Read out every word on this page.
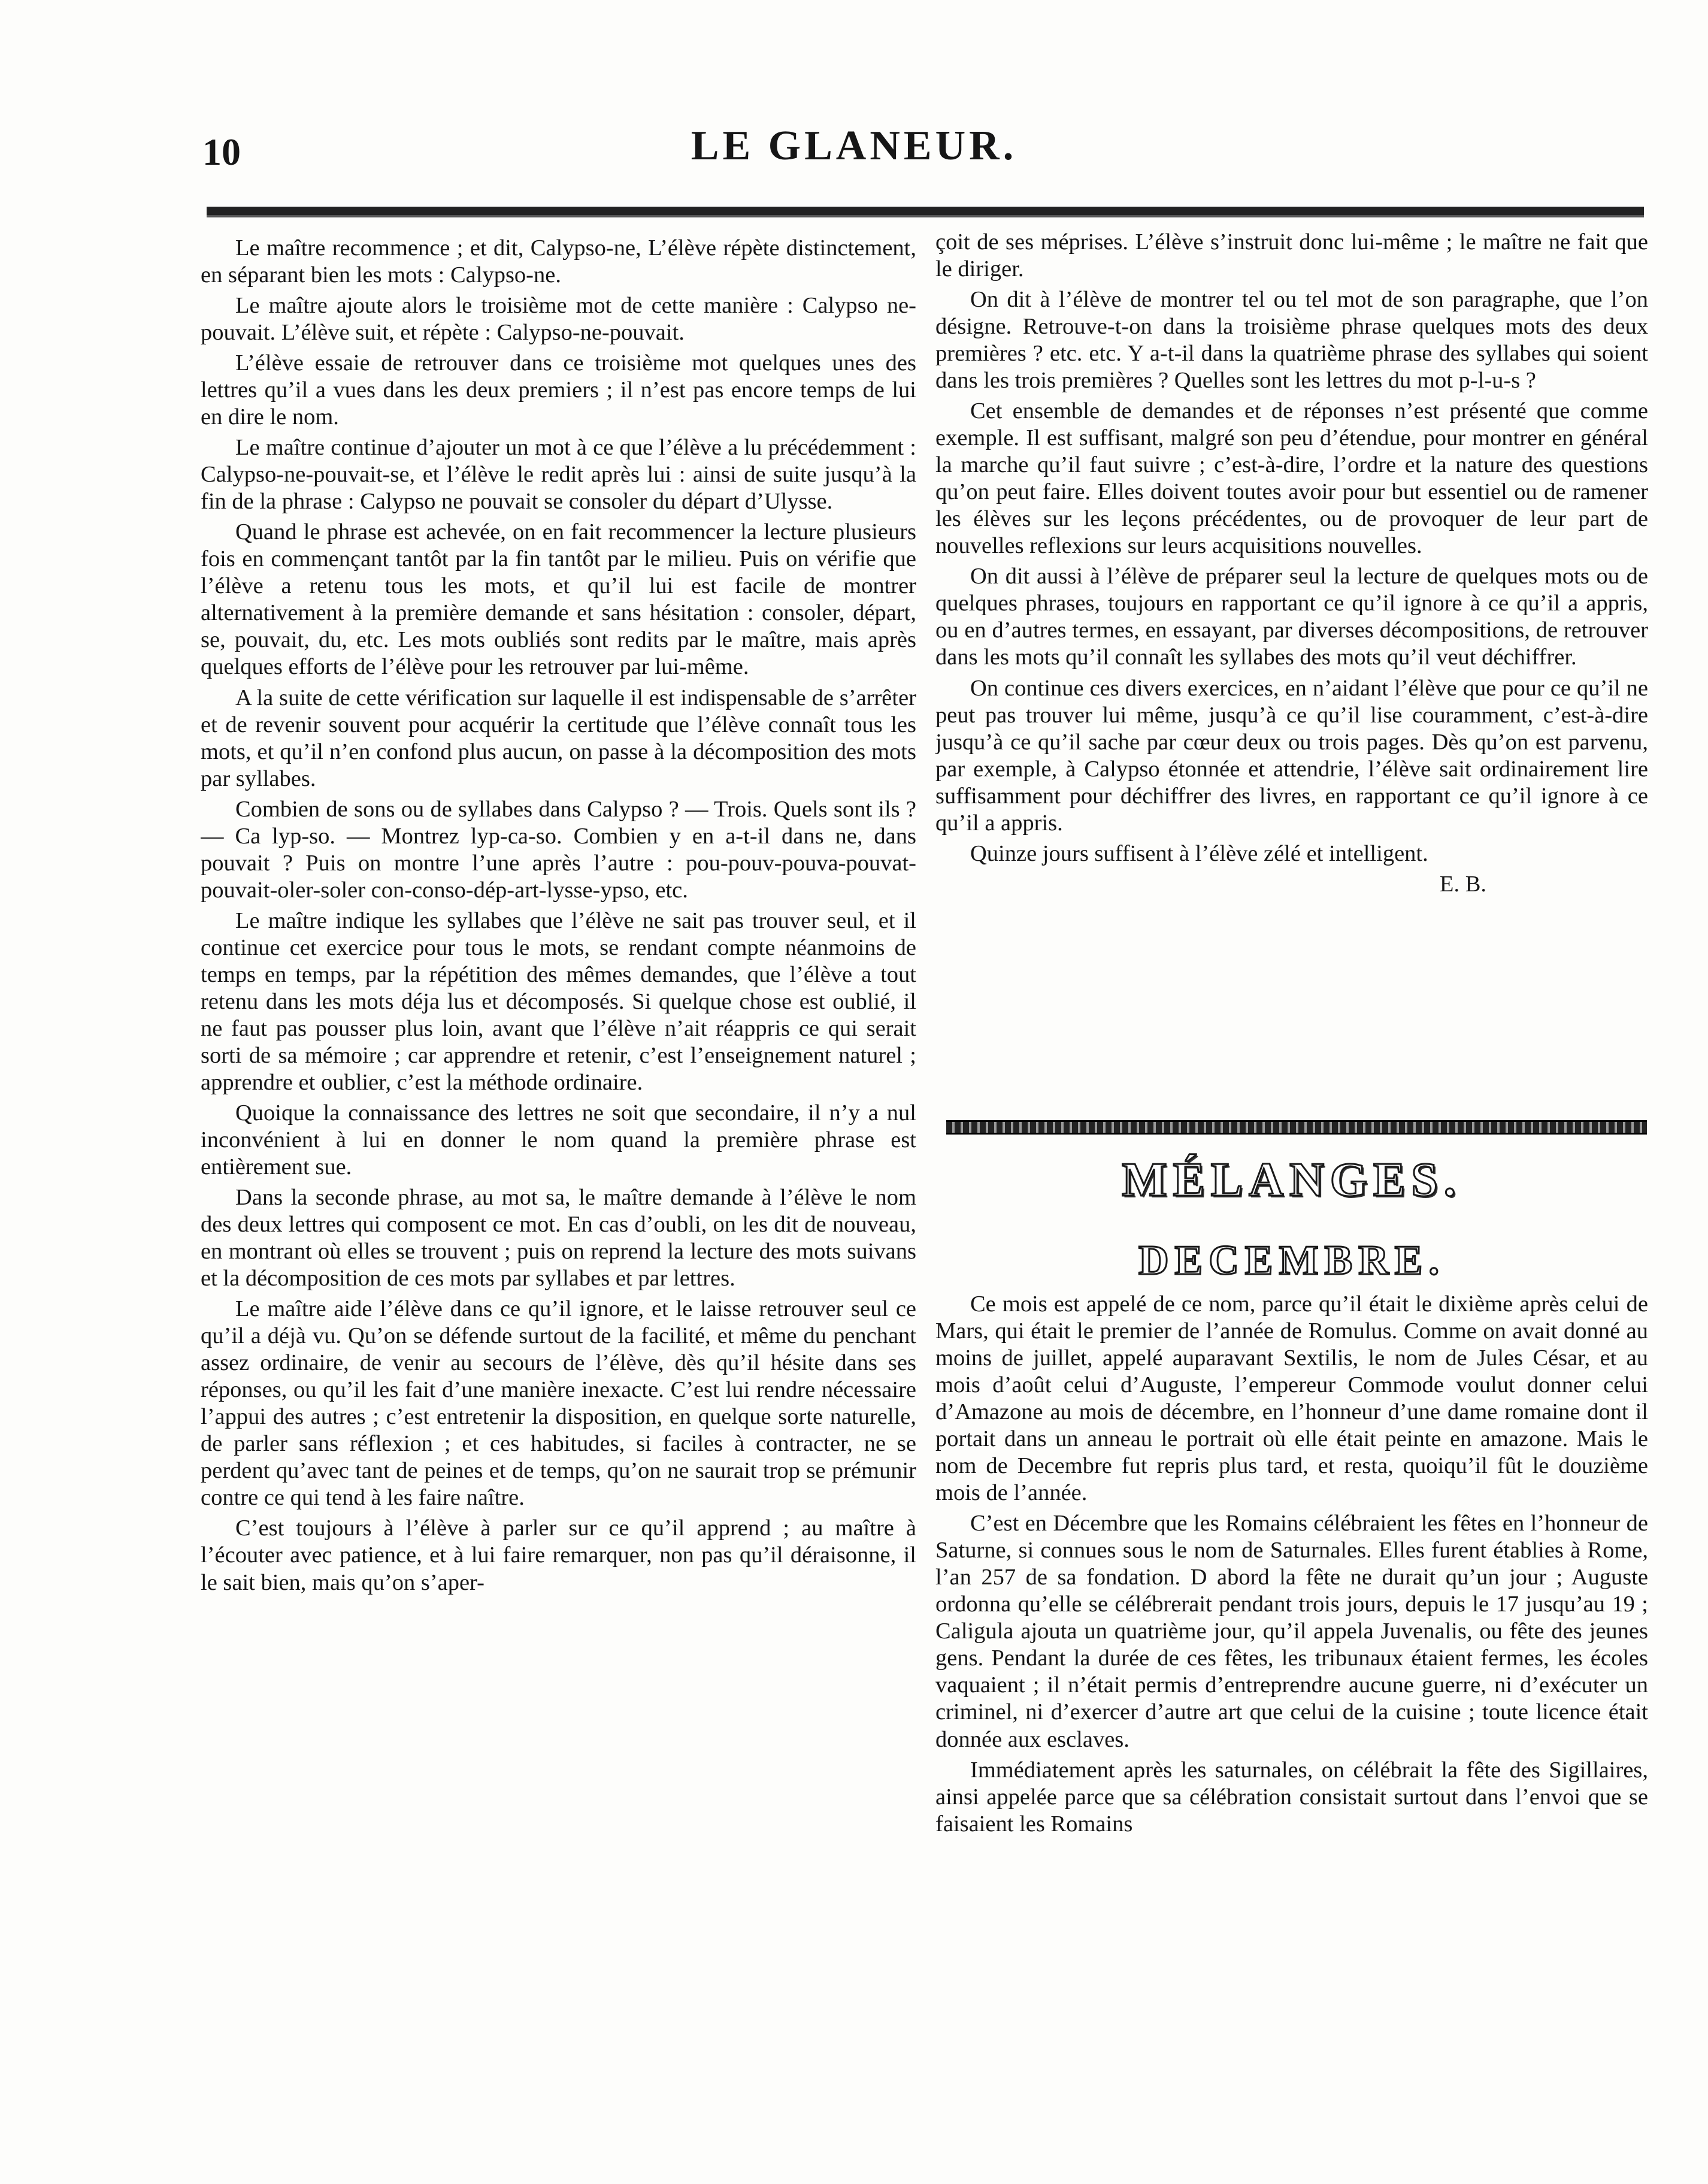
10	LE GLANEUR.

Le maître recommence ; et dit, Calypso-ne, L’élève répète distinctement, en séparant bien les mots : Calypso-ne.

Le maître ajoute alors le troisième mot de cette manière : Calypso ne-pouvait. L’élève suit, et répète : Calypso-ne-pouvait.

L’élève essaie de retrouver dans ce troisième mot quelques unes des lettres qu’il a vues dans les deux premiers ; il n’est pas encore temps de lui en dire le nom.

Le maître continue d’ajouter un mot à ce que l’élève a lu précédemment : Calypso-ne-pouvait-se, et l’élève le redit après lui : ainsi de suite jusqu’à la fin de la phrase : Calypso ne pouvait se consoler du départ d’Ulysse.

Quand le phrase est achevée, on en fait recommencer la lecture plusieurs fois en commençant tantôt par la fin tantôt par le milieu. Puis on vérifie que l’élève a retenu tous les mots, et qu’il lui est facile de montrer alternativement à la première demande et sans hésitation : consoler, départ, se, pouvait, du, etc. Les mots oubliés sont redits par le maître, mais après quelques efforts de l’élève pour les retrouver par lui-même.

A la suite de cette vérification sur laquelle il est indispensable de s’arrêter et de revenir souvent pour acquérir la certitude que l’élève connaît tous les mots, et qu’il n’en confond plus aucun, on passe à la décomposition des mots par syllabes.

Combien de sons ou de syllabes dans Calypso ? — Trois. Quels sont ils ? — Ca lyp-so. — Montrez lyp-ca-so. Combien y en a-t-il dans ne, dans pouvait ? Puis on montre l’une après l’autre : pou-pouv-pouva-pouvat-pouvait-oler-soler con-conso-dép-art-lysse-ypso, etc.

Le maître indique les syllabes que l’élève ne sait pas trouver seul, et il continue cet exercice pour tous le mots, se rendant compte néanmoins de temps en temps, par la répétition des mêmes demandes, que l’élève a tout retenu dans les mots déja lus et décomposés. Si quelque chose est oublié, il ne faut pas pousser plus loin, avant que l’élève n’ait réappris ce qui serait sorti de sa mémoire ; car apprendre et retenir, c’est l’enseignement naturel ; apprendre et oublier, c’est la méthode ordinaire.

Quoique la connaissance des lettres ne soit que secondaire, il n’y a nul inconvénient à lui en donner le nom quand la première phrase est entièrement sue.

Dans la seconde phrase, au mot sa, le maître demande à l’élève le nom des deux lettres qui composent ce mot. En cas d’oubli, on les dit de nouveau, en montrant où elles se trouvent ; puis on reprend la lecture des mots suivans et la décomposition de ces mots par syllabes et par lettres.

Le maître aide l’élève dans ce qu’il ignore, et le laisse retrouver seul ce qu’il a déjà vu. Qu’on se défende surtout de la facilité, et même du penchant assez ordinaire, de venir au secours de l’élève, dès qu’il hésite dans ses réponses, ou qu’il les fait d’une manière inexacte. C’est lui rendre nécessaire l’appui des autres ; c’est entretenir la disposition, en quelque sorte naturelle, de parler sans réflexion ; et ces habitudes, si faciles à contracter, ne se perdent qu’avec tant de peines et de temps, qu’on ne saurait trop se prémunir contre ce qui tend à les faire naître.

C’est toujours à l’élève à parler sur ce qu’il apprend ; au maître à l’écouter avec patience, et à lui faire remarquer, non pas qu’il déraisonne, il le sait bien, mais qu’on s’aper-

çoit de ses méprises. L’élève s’instruit donc lui-même ; le maître ne fait que le diriger.

On dit à l’élève de montrer tel ou tel mot de son paragraphe, que l’on désigne. Retrouve-t-on dans la troisième phrase quelques mots des deux premières ? etc. etc. Y a-t-il dans la quatrième phrase des syllabes qui soient dans les trois premières ? Quelles sont les lettres du mot p-l-u-s ?

Cet ensemble de demandes et de réponses n’est présenté que comme exemple. Il est suffisant, malgré son peu d’étendue, pour montrer en général la marche qu’il faut suivre ; c’est-à-dire, l’ordre et la nature des questions qu’on peut faire. Elles doivent toutes avoir pour but essentiel ou de ramener les élèves sur les leçons précédentes, ou de provoquer de leur part de nouvelles reflexions sur leurs acquisitions nouvelles.

On dit aussi à l’élève de préparer seul la lecture de quelques mots ou de quelques phrases, toujours en rapportant ce qu’il ignore à ce qu’il a appris, ou en d’autres termes, en essayant, par diverses décompositions, de retrouver dans les mots qu’il connaît les syllabes des mots qu’il veut déchiffrer.

On continue ces divers exercices, en n’aidant l’élève que pour ce qu’il ne peut pas trouver lui même, jusqu’à ce qu’il lise couramment, c’est-à-dire jusqu’à ce qu’il sache par cœur deux ou trois pages. Dès qu’on est parvenu, par exemple, à Calypso étonnée et attendrie, l’élève sait ordinairement lire suffisamment pour déchiffrer des livres, en rapportant ce qu’il ignore à ce qu’il a appris.

Quinze jours suffisent à l’élève zélé et intelligent.

E. B.

MÉLANGES.
DECEMBRE.

Ce mois est appelé de ce nom, parce qu’il était le dixième après celui de Mars, qui était le premier de l’année de Romulus. Comme on avait donné au moins de juillet, appelé auparavant Sextilis, le nom de Jules César, et au mois d’août celui d’Auguste, l’empereur Commode voulut donner celui d’Amazone au mois de décembre, en l’honneur d’une dame romaine dont il portait dans un anneau le portrait où elle était peinte en amazone. Mais le nom de Decembre fut repris plus tard, et resta, quoiqu’il fût le douzième mois de l’année.

C’est en Décembre que les Romains célébraient les fêtes en l’honneur de Saturne, si connues sous le nom de Saturnales. Elles furent établies à Rome, l’an 257 de sa fondation. D abord la fête ne durait qu’un jour ; Auguste ordonna qu’elle se célébrerait pendant trois jours, depuis le 17 jusqu’au 19 ; Caligula ajouta un quatrième jour, qu’il appela Juvenalis, ou fête des jeunes gens. Pendant la durée de ces fêtes, les tribunaux étaient fermes, les écoles vaquaient ; il n’était permis d’entreprendre aucune guerre, ni d’exécuter un criminel, ni d’exercer d’autre art que celui de la cuisine ; toute licence était donnée aux esclaves.

Immédiatement après les saturnales, on célébrait la fête des Sigillaires, ainsi appelée parce que sa célébration consistait surtout dans l’envoi que se faisaient les Romains
